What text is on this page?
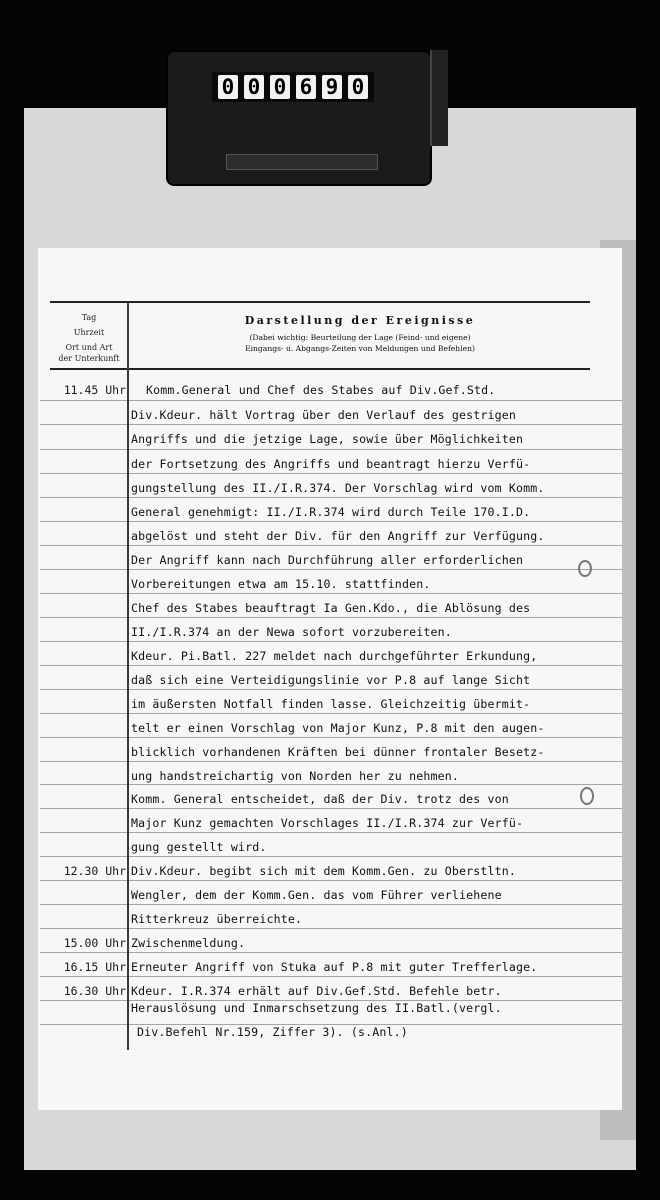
0 0 0 6 9 0
Tag
Uhrzeit
Ort und Art der Unterkunft
Darstellung der Ereignisse
(Dabei wichtig: Beurteilung der Lage (Feind- und eigene)
Eingangs- u. Abgangs-Zeiten von Meldungen und Befehlen)
11.45 Uhr Komm.General und Chef des Stabes auf Div.Gef.Std.
Div.Kdeur. hält Vortrag über den Verlauf des gestrigen
Angriffs und die jetzige Lage, sowie über Möglichkeiten
der Fortsetzung des Angriffs und beantragt hierzu Verfü-
gungstellung des II./I.R.374. Der Vorschlag wird vom Komm.
General genehmigt: II./I.R.374 wird durch Teile 170.I.D.
abgelöst und steht der Div. für den Angriff zur Verfügung.
Der Angriff kann nach Durchführung aller erforderlichen
Vorbereitungen etwa am 15.10. stattfinden.
Chef des Stabes beauftragt Ia Gen.Kdo., die Ablösung des
II./I.R.374 an der Newa sofort vorzubereiten.
Kdeur. Pi.Batl. 227 meldet nach durchgeführter Erkundung,
daß sich eine Verteidigungslinie vor P.8 auf lange Sicht
im äußersten Notfall finden lasse. Gleichzeitig übermit-
telt er einen Vorschlag von Major Kunz, P.8 mit den augen-
blicklich vorhandenen Kräften bei dünner frontaler Besetz-
ung handstreichartig von Norden her zu nehmen.
Komm. General entscheidet, daß der Div. trotz des von
Major Kunz gemachten Vorschlages II./I.R.374 zur Verfü-
gung gestellt wird.
12.30 Uhr Div.Kdeur. begibt sich mit dem Komm.Gen. zu Oberstltn.
Wengler, dem der Komm.Gen. das vom Führer verliehene
Ritterkreuz überreichte.
15.00 Uhr Zwischenmeldung.
16.15 Uhr Erneuter Angriff von Stuka auf P.8 mit guter Trefferlage.
16.30 Uhr Kdeur. I.R.374 erhält auf Div.Gef.Std. Befehle betr.
Herauslösung und Inmarschsetzung des II.Batl.(vergl.
Div.Befehl Nr.159, Ziffer 3). (s.Anl.)
